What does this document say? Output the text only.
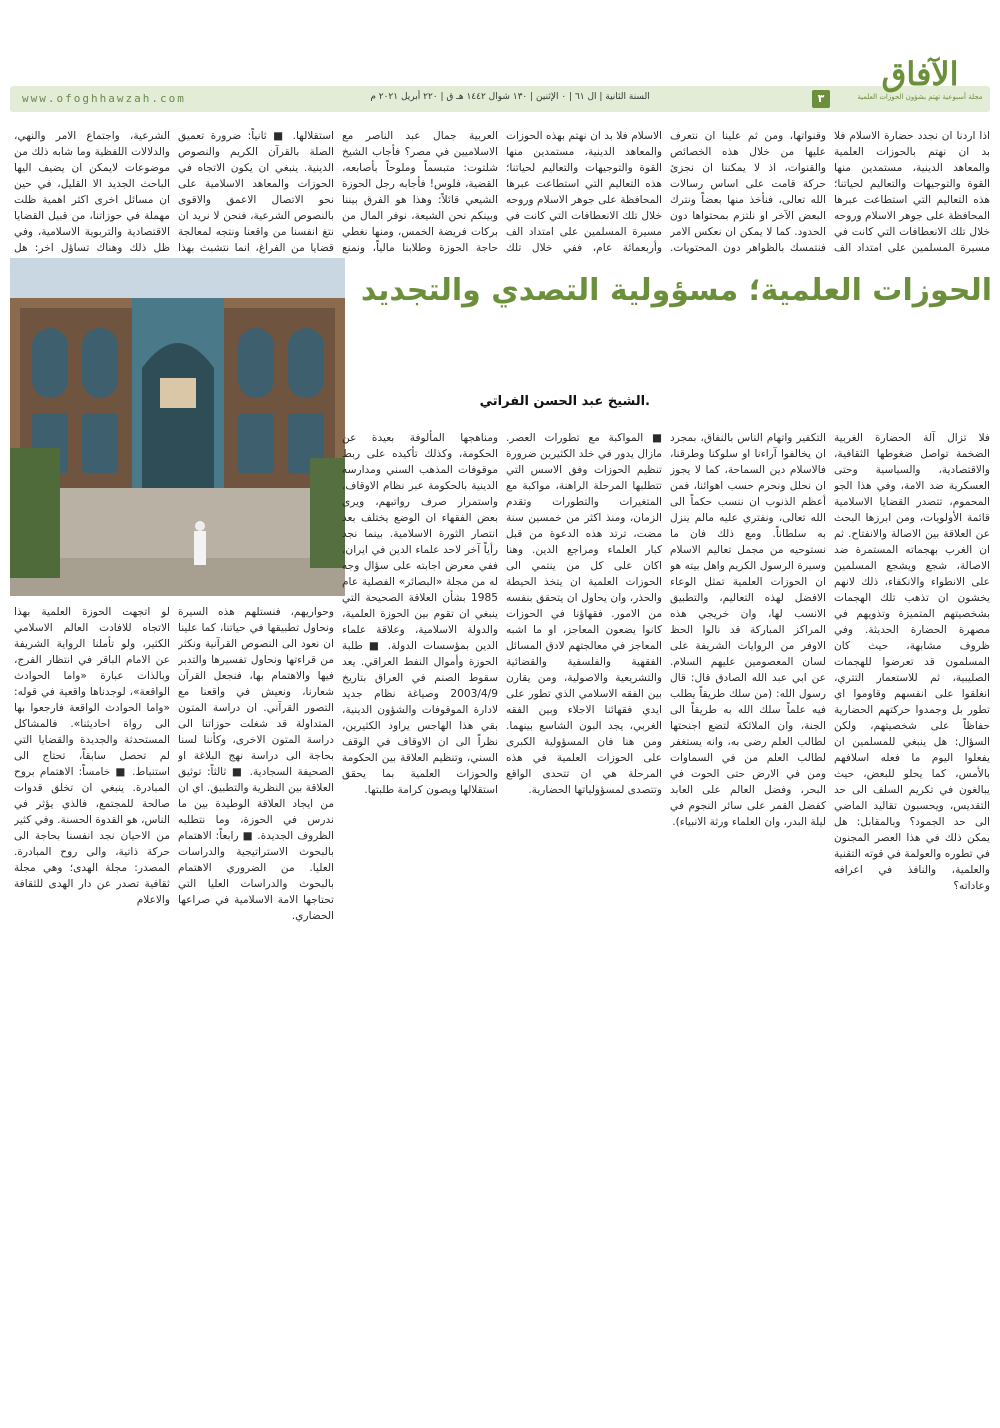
www.ofoghhawzah.com	السنة الثانية | ال ٦١ | ٠ الإثنين | ١٣٠ شوال ١٤٤٢ هـ ق | ٢٢٠ أبريل ٢٠٢١ م	٣
الآفاق
مجلة أسبوعية تهتم بشؤون الحوزات العلمية
اذا اردنا ان نجدد حضارة الاسلام فلا بد ان نهتم بالحوزات العلمية والمعاهد الدينية، مستمدين منها القوة والتوجيهات والتعاليم لحياتنا؛ هذه التعاليم التي استطاعت عبرها المحافظة على جوهر الاسلام وروحه خلال تلك الانعطافات التي كانت في مسيرة المسلمين على امتداد الف
وقنواتها، ومن ثم علينا ان نتعرف عليها من خلال هذه الخصائص والقنوات، اذ لا يمكننا ان نجزئ حركة قامت على اساس رسالات الله تعالى، فنأخذ منها بعضاً ونترك البعض الآخر او نلتزم بمحتواها دون الحدود. كما لا يمكن ان نعكس الامر فنتمسك بالظواهر دون المحتويات.
الاسلام فلا بد ان نهتم بهذه الحوزات والمعاهد الدينية، مستمدين منها القوة والتوجيهات والتعاليم لحياتنا؛ هذه التعاليم التي استطاعت عبرها المحافظة على جوهر الاسلام وروحه خلال تلك الانعطافات التي كانت في مسيرة المسلمين على امتداد الف وأربعمائة عام، ففي خلال تلك
العربية جمال عبد الناصر مع الاسلاميين في مصر؟ فأجاب الشيخ شلتوت: متبسماً وملوحاً بأصابعه، القضية، فلوس! فأجابه رجل الحوزة الشيعي قائلاً: وهذا هو الفرق بيننا وبينكم نحن الشيعة، نوفر المال من بركات فريضة الخمس، ومنها نغطي حاجة الحوزة وطلابنا مالياً، ونمنع
استقلالها. ■ ثانياً: ضرورة تعميق الصلة بالقرآن الكريم والنصوص الدينية. ينبغي ان يكون الاتجاه في الحوزات والمعاهد الاسلامية على نحو الاتصال الاعمق والاقوى بالنصوص الشرعية، فنحن لا نريد ان نتغ انفسنا من واقعنا ونتجه لمعالجة قضايا من الفراغ، انما نتشبث بهذا
الشرعية، واجتماع الامر والنهي، والدلالات اللفظية وما شابه ذلك من موضوعات لايمكن ان يضيف اليها الباحث الجديد الا القليل، في حين ان مسائل اخرى اكثر اهمية ظلت مهملة في حوزاتنا، من قبيل القضايا الاقتصادية والتربوية الاسلامية، وفي ظل ذلك وهناك تساؤل اخر: هل
الحوزات العلمية؛ مسؤولية التصدي والتجديد
.الشيخ عبد الحسن الفراتي
فلا تزال آلة الحضارة الغربية الضخمة تواصل ضغوطها الثقافية، والاقتصادية، والسياسية وحتى العسكرية ضد الامة، وفي هذا الجو المحموم، تتصدر القضايا الاسلامية قائمة الأولويات، ومن ابرزها البحث عن العلاقة بين الاصالة والانفتاح. ثم ان الغرب بهجماته المستمرة ضد الاصالة، شجع ويشجع المسلمين على الانطواء والانكفاء، ذلك لانهم يخشون ان تذهب تلك الهجمات بشخصيتهم المتميزة وتذويهم في مصهرة الحضارة الحديثة. وفي ظروف مشابهة، حيث كان المسلمون قد تعرضوا للهجمات الصليبية، ثم للاستعمار التتري، انغلقوا على انفسهم وقاوموا اي تطور بل وجمدوا حركتهم الحضارية حفاظاً على شخصيتهم، ولكن السؤال: هل ينبغي للمسلمين ان يفعلوا اليوم ما فعله اسلافهم بالأمس، كما يحلو للبعض، حيث يبالغون في تكريم السلف الى حد التقديس، ويحسبون تقاليد الماضي الى حد الجمود؟ وبالمقابل: هل يمكن ذلك في هذا العصر المجنون في تطوره والعولمة في قوته التقنية والعلمية، والنافذ في اعرافه وعاداته؟
التكفير واتهام الناس بالنفاق، بمجرد ان يخالفوا آراءنا او سلوكنا وطرقنا، فالاسلام دين السماحة، كما لا يجوز ان نحلل ونحرم حسب اهوائنا، فمن أعظم الذنوب ان ننسب حكماً الى الله تعالى، ونفتري عليه مالم ينزل به سلطاناً. ومع ذلك فان ما نستوحيه من مجمل تعاليم الاسلام وسيرة الرسول الكريم واهل بيته هو ان الحوزات العلمية تمثل الوعاء الافضل لهذه التعاليم، والتطبيق الانسب لها، وان خريجي هذه المراكز المباركة قد نالوا الحظ الاوفر من الروايات الشريفة على لسان المعصومين عليهم السلام. عن ابي عبد الله الصادق قال: قال رسول الله: (من سلك طريقاً يطلب فيه علماً سلك الله به طريقاً الى الجنة، وان الملائكة لتضع اجنحتها لطالب العلم رضى به، وانه يستغفر لطالب العلم من في السماوات ومن في الارض حتى الحوت في البحر، وفضل العالم على العابد كفضل القمر على سائر النجوم في ليلة البدر، وان العلماء ورثة الانبياء).
■ المواكبة مع تطورات العصر. مازال يدور في خلد الكثيرين ضرورة تنظيم الحوزات وفق الاسس التي تتطلبها المرحلة الراهنة، مواكبة مع المتغيرات والتطورات وتقدم الزمان، ومنذ اكثر من خمسين سنة مضت، ترتد هذه الدعوة من قبل كبار العلماء ومراجع الدين. وهنا اكان على كل من ينتمي الى الحوزات العلمية ان يتخذ الحيطة والحذر، وان يحاول ان يتحقق بنفسه من الامور. فقهاؤنا في الحوزات كانوا يضعون المعاجز، او ما اشبه المعاجز في معالجتهم لادق المسائل الفقهية والفلسفية والقضائية والتشريعية والاصولية، ومن يقارن بين الفقه الاسلامي الذي تطور على ايدي فقهائنا الاجلاء وبين الفقه الغربي، يجد البون الشاسع بينهما. ومن هنا فان المسؤولية الكبرى على الحوزات العلمية في هذه المرحلة هي ان تتحدى الواقع وتتصدى لمسؤولياتها الحضارية.
ومناهجها المألوفة بعيدة عن الحكومة، وكذلك تأكيده على ربط موقوفات المذهب السني ومدارسه الدينية بالحكومة عبر نظام الاوقاف، واستمرار صرف رواتبهم، ويرى بعض الفقهاء ان الوضع يختلف بعد انتصار الثورة الاسلامية. بينما نجد رأياً آخر لاحد علماء الدين في ايران، ففي معرض اجابته على سؤال وجه له من مجلة «البصائر» الفصلية عام 1985 بشأن العلاقة الصحيحة التي ينبغي ان تقوم بين الحوزة العلمية، والدولة الاسلامية، وعلاقة علماء الدين بمؤسسات الدولة. ■ طلبة الحوزة وأموال النفط العراقي. يعد سقوط الصنم في العراق بتاريخ 2003/4/9 وصياغة نظام جديد لادارة الموقوفات والشؤون الدينية، بقي هذا الهاجس يراود الكثيرين، نظراً الى ان الاوقاف في الوقف السني، وتنظيم العلاقة بين الحكومة والحوزات العلمية بما يحقق استقلالها ويصون كرامة طلبتها.
وحواريهم، فنستلهم هذه السيرة ونحاول تطبيقها في حياتنا، كما علينا ان نعود الى النصوص القرآنية ونكثر من قراءتها ونحاول تفسيرها والتدبر فيها والاهتمام بها، فنجعل القرآن شعارنا، ونعيش في واقعنا مع التصور القرآني. ان دراسة المتون المتداولة قد شغلت حوزاتنا الى دراسة المتون الاخرى، وكأننا لسنا بحاجة الى دراسة نهج البلاغة او الصحيفة السجادية. ■ ثالثاً: توثيق العلاقة بين النظرية والتطبيق. اي ان من ايجاد العلاقة الوطيدة بين ما ندرس في الحوزة، وما نتطلبه الظروف الجديدة. ■ رابعاً: الاهتمام بالبحوث الاستراتيجية والدراسات العليا. من الضروري الاهتمام بالبحوث والدراسات العليا التي تحتاجها الامة الاسلامية في صراعها الحضاري.
لو اتجهت الحوزة العلمية بهذا الاتجاه للافادت العالم الاسلامي الكثير، ولو تأملنا الرواية الشريفة عن الامام الباقر في انتظار الفرج، وبالذات عبارة «واما الحوادث الواقعة»، لوجدناها واقعية في قوله: «واما الحوادث الواقعة فارجعوا بها الى رواة احاديثنا». فالمشاكل المستحدثة والجديدة والقضايا التي لم تحصل سابقاً، تحتاج الى استنباط. ■ خامساً: الاهتمام بروح المبادرة. ينبغي ان تخلق قدوات صالحة للمجتمع، فالذي يؤثر في الناس، هو القدوة الحسنة. وفي كثير من الاحيان نجد انفسنا بحاجة الى حركة ذاتية، والى روح المبادرة. المصدر: مجلة الهدى؛ وهي مجلة ثقافية تصدر عن دار الهدى للثقافة والاعلام
